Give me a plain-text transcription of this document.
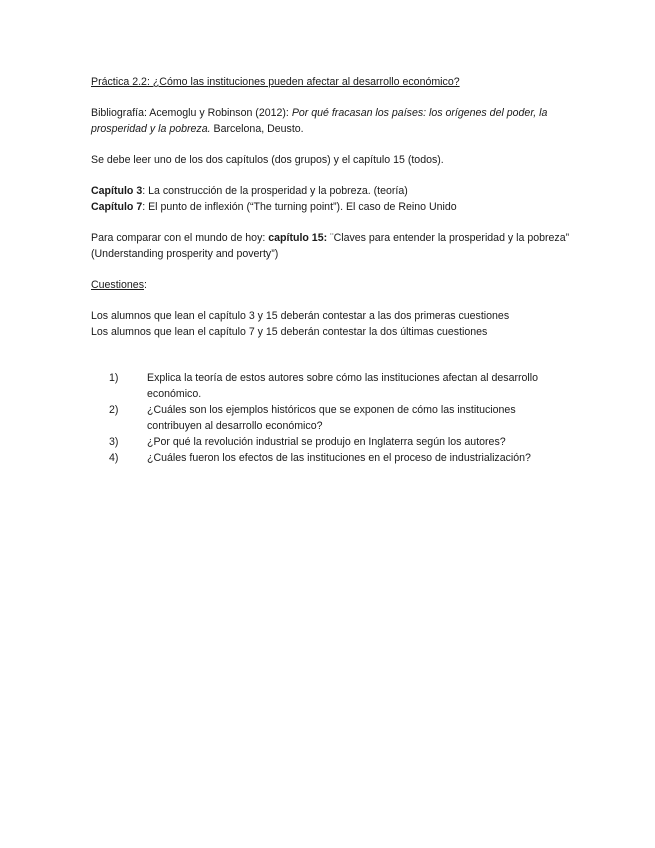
Práctica 2.2: ¿Cómo las instituciones pueden afectar al desarrollo económico?

Bibliografía: Acemoglu y Robinson (2012): Por qué fracasan los países: los orígenes del poder, la prosperidad y la pobreza. Barcelona, Deusto.

Se debe leer uno de los dos capítulos (dos grupos) y el capítulo 15 (todos).

Capítulo 3: La construcción de la prosperidad y la pobreza. (teoría)

Capítulo 7: El punto de inflexión (“The turning point”). El caso de Reino Unido

Para comparar con el mundo de hoy: capítulo 15: ¨Claves para entender la prosperidad y la pobreza” (Understanding prosperity and poverty”)

Cuestiones:

Los alumnos que lean el capítulo 3 y 15 deberán contestar a las dos primeras cuestiones

Los alumnos que lean el capítulo 7 y 15 deberán contestar la dos últimas cuestiones

1)	Explica la teoría de estos autores sobre cómo las instituciones afectan al desarrollo económico.
2)	¿Cuáles son los ejemplos históricos que se exponen de cómo las instituciones contribuyen al desarrollo económico?
3)	¿Por qué la revolución industrial se produjo en Inglaterra según los autores?
4)	¿Cuáles fueron los efectos de las instituciones en el proceso de industrialización?
